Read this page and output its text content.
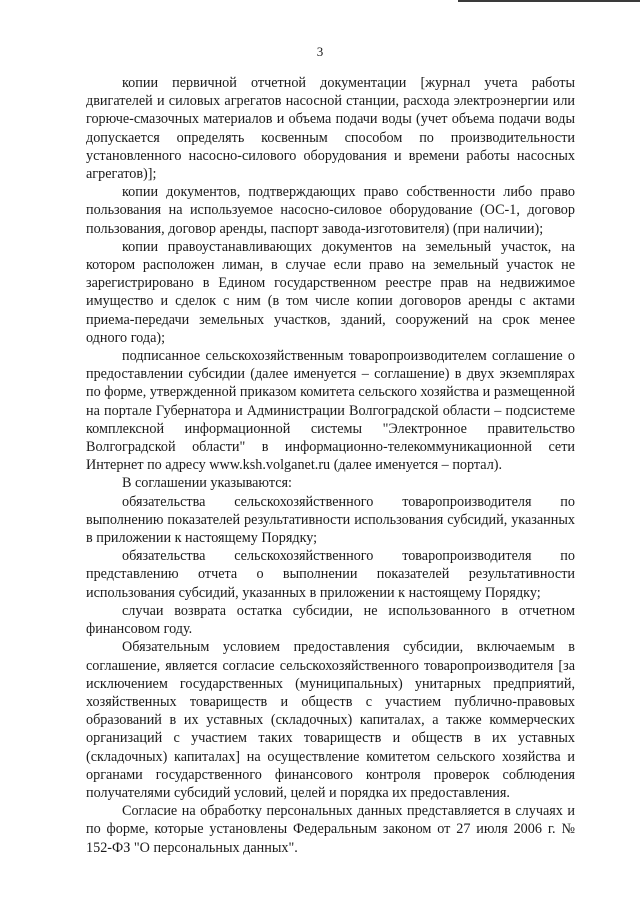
3

копии первичной отчетной документации [журнал учета работы двигателей и силовых агрегатов насосной станции, расхода электроэнергии или горюче-смазочных материалов и объема подачи воды (учет объема подачи воды допускается определять косвенным способом по производительности установленного насосно-силового оборудования и времени работы насосных агрегатов)];

копии документов, подтверждающих право собственности либо право пользования на используемое насосно-силовое оборудование (ОС-1, договор пользования, договор аренды, паспорт завода-изготовителя) (при наличии);

копии правоустанавливающих документов на земельный участок, на котором расположен лиман, в случае если право на земельный участок не зарегистрировано в Едином государственном реестре прав на недвижимое имущество и сделок с ним (в том числе копии договоров аренды с актами приема-передачи земельных участков, зданий, сооружений на срок менее одного года);

подписанное сельскохозяйственным товаропроизводителем соглашение о предоставлении субсидии (далее именуется – соглашение) в двух экземплярах по форме, утвержденной приказом комитета сельского хозяйства и размещенной на портале Губернатора и Администрации Волгоградской области – подсистеме комплексной информационной системы "Электронное правительство Волгоградской области" в информационно-телекоммуникационной сети Интернет по адресу www.ksh.volganet.ru (далее именуется – портал).

В соглашении указываются:

обязательства сельскохозяйственного товаропроизводителя по выполнению показателей результативности использования субсидий, указанных в приложении к настоящему Порядку;

обязательства сельскохозяйственного товаропроизводителя по представлению отчета о выполнении показателей результативности использования субсидий, указанных в приложении к настоящему Порядку;

случаи возврата остатка субсидии, не использованного в отчетном финансовом году.

Обязательным условием предоставления субсидии, включаемым в соглашение, является согласие сельскохозяйственного товаропроизводителя [за исключением государственных (муниципальных) унитарных предприятий, хозяйственных товариществ и обществ с участием публично-правовых образований в их уставных (складочных) капиталах, а также коммерческих организаций с участием таких товариществ и обществ в их уставных (складочных) капиталах] на осуществление комитетом сельского хозяйства и органами государственного финансового контроля проверок соблюдения получателями субсидий условий, целей и порядка их предоставления.

Согласие на обработку персональных данных представляется в случаях и по форме, которые установлены Федеральным законом от 27 июля 2006 г. № 152-ФЗ "О персональных данных".
